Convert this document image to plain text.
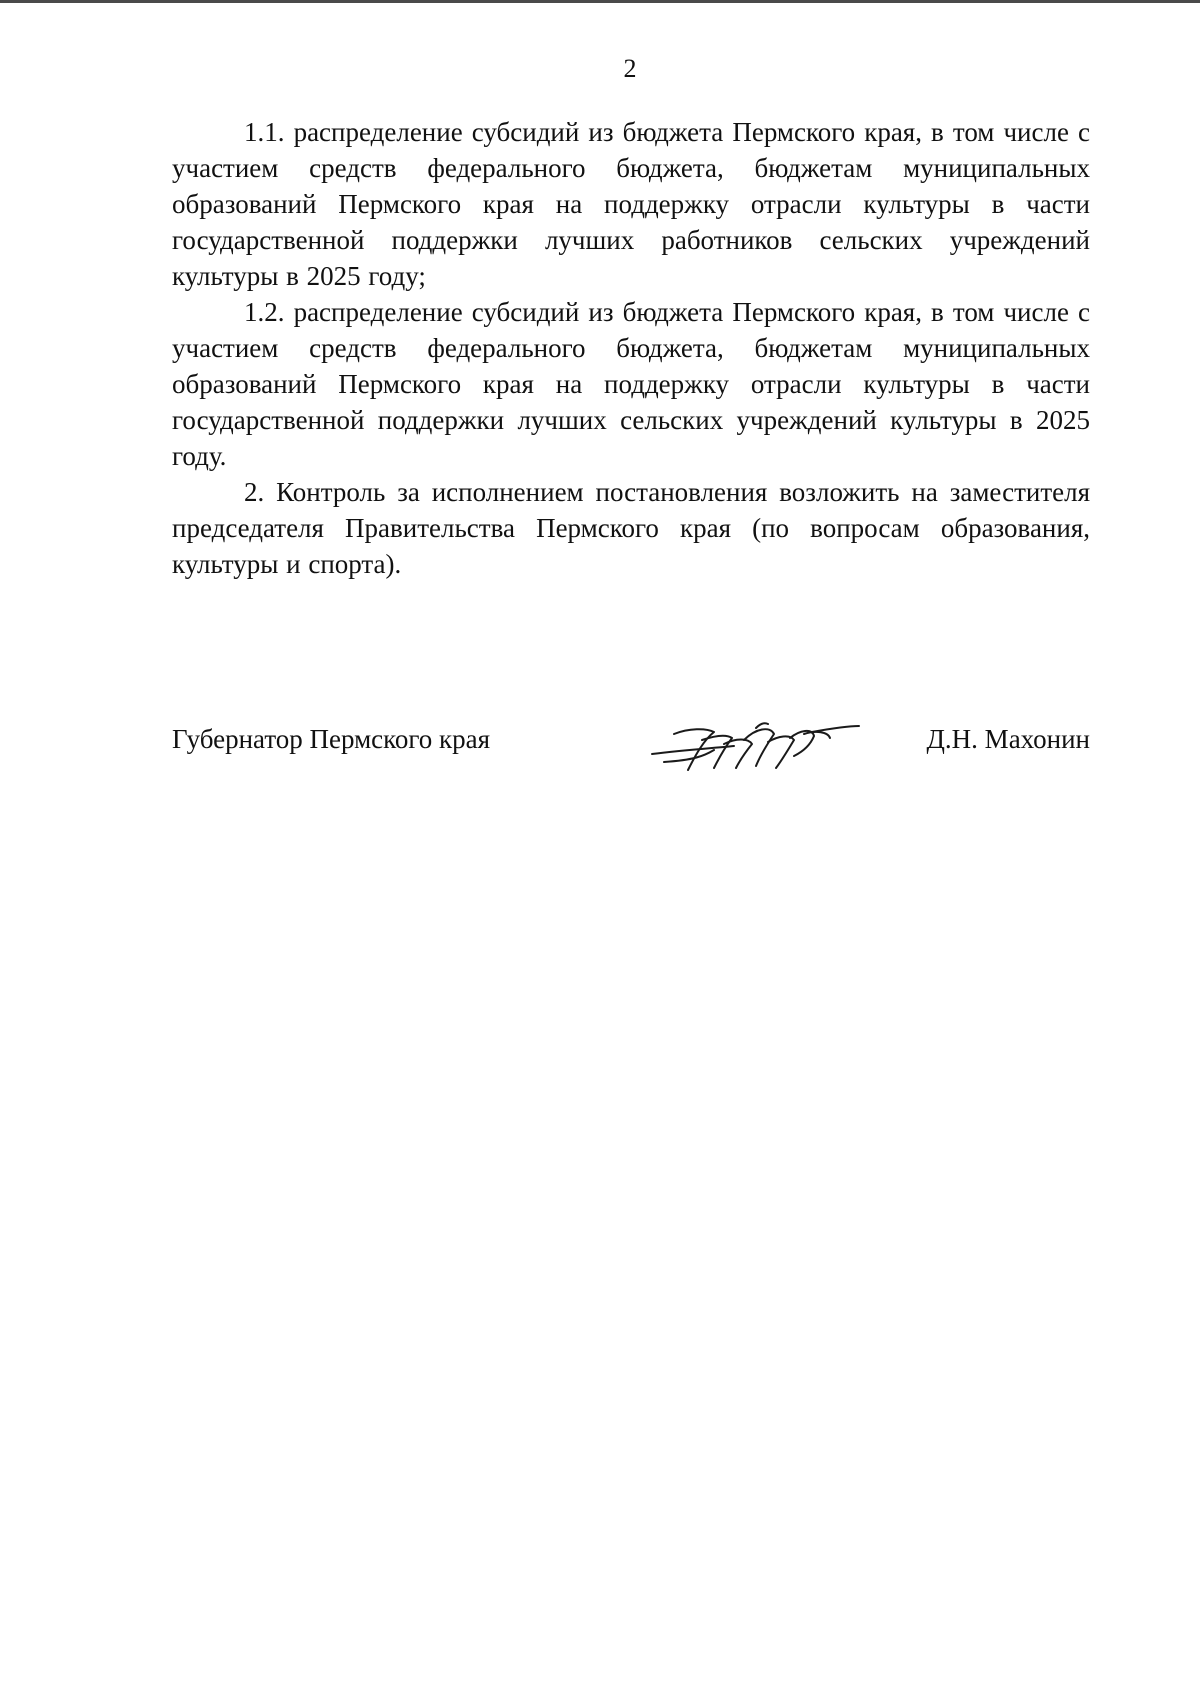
2

1.1. распределение субсидий из бюджета Пермского края, в том числе с участием средств федерального бюджета, бюджетам муниципальных образований Пермского края на поддержку отрасли культуры в части государственной поддержки лучших работников сельских учреждений культуры в 2025 году;

1.2. распределение субсидий из бюджета Пермского края, в том числе с участием средств федерального бюджета, бюджетам муниципальных образований Пермского края на поддержку отрасли культуры в части государственной поддержки лучших сельских учреждений культуры в 2025 году.

2. Контроль за исполнением постановления возложить на заместителя председателя Правительства Пермского края (по вопросам образования, культуры и спорта).

Губернатор Пермского края	Д.Н. Махонин
